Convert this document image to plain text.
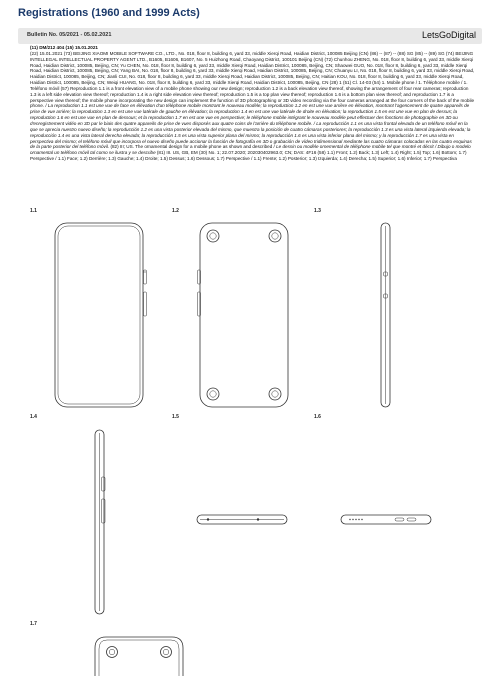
Registrations (1960 and 1999 Acts)
Bulletin No. 05/2021 - 05.02.2021	LetsGoDigital

(11) DM/212 404 (15) 15.01.2021

(22) 15.01.2021 (73) BEIJING XIAOMI MOBILE SOFTWARE CO., LTD., No. 018, floor 8, building 6, yard 33, middle Xierqi Road, Haidian District, 100085 Beijing (CN) (86) -- (87) -- (88) SG (85) -- (89) SG (74) BEIJING INTELLEGAL INTELLECTUAL PROPERTY AGENT LTD., B1605, B1606, B1607, No. 5 Huizhong Road, Chaoyang District, 100101 Beijing (CN) (72) Chunhou ZHENG, No. 018, floor 8, building 6, yard 33, middle Xierqi Road, Haidian District, 100085, Beijing, CN; Yu CHEN, No. 018, floor 8, building 6, yard 33, middle Xierqi Road, Haidian District, 100085, Beijing, CN; Shaowei GUO, No. 018, floor 8, building 6, yard 33, middle Xierqi Road, Haidian District, 100085, Beijing, CN; Yang BAI, No. 018, floor 8, building 6, yard 33, middle Xierqi Road, Haidian District, 100085, Beijing, CN; Chuanyu LI, No. 018, floor 8, building 6, yard 33, middle Xierqi Road, Haidian District, 100085, Beijing, CN; Jianli CUI, No. 018, floor 8, building 6, yard 33, middle Xierqi Road, Haidian District, 100085, Beijing, CN; Haitian KOU, No. 018, floor 8, building 6, yard 33, middle Xierqi Road, Haidian District, 100085, Beijing, CN; Weiqi HUANG, No. 018, floor 8, building 6, yard 33, middle Xierqi Road, Haidian District, 100085, Beijing, CN (28) 1 (51) Cl. 14-03 (54) 1. Mobile phone / 1. Téléphone mobile / 1. Teléfono móvil (57) Reproduction 1.1 is a front elevation view of a mobile phone showing our new design; reproduction 1.2 is a back elevation view thereof, showing the arrangement of four rear cameras; reproduction 1.3 is a left side elevation view thereof; reproduction 1.4 is a right side elevation view thereof; reproduction 1.5 is a top plan view thereof; reproduction 1.6 is a bottom plan view thereof; and reproduction 1.7 is a perspective view thereof; the mobile phone incorporating the new design can implement the function of 3D photographing or 3D video recording via the four cameras arranged at the four corners of the back of the mobile phone. / La reproduction 1.1 est une vue de face en élévation d'un téléphone mobile montrant le nouveau modèle; la reproduction 1.2 en est une vue arrière en élévation, montrant l'agencement de quatre appareils de prise de vue arrière; la reproduction 1.3 en est une vue latérale de gauche en élévation; la reproduction 1.4 en est une vue latérale de droite en élévation; la reproduction 1.5 en est une vue en plan de dessus; la reproduction 1.6 en est une vue en plan de dessous; et la reproduction 1.7 en est une vue en perspective; le téléphone mobile intégrant le nouveau modèle peut effectuer des fonctions de photographie en 3D ou d'enregistrement vidéo en 3D par le biais des quatre appareils de prise de vues disposés aux quatre coins de l'arrière du téléphone mobile. / La reproducción 1.1 es una vista frontal elevada de un teléfono móvil en la que se aprecia nuestro nuevo diseño; la reproducción 1.2 es una vista posterior elevada del mismo, que muestra la posición de cuatro cámaras posteriores; la reproducción 1.3 es una vista lateral izquierda elevada; la reproducción 1.4 es una vista lateral derecha elevada; la reproducción 1.5 es una vista superior plana del mismo; la reproducción 1.6 es una vista inferior plana del mismo; y la reproducción 1.7 es una vista en perspectiva del mismo; el teléfono móvil que incorpora el nuevo diseño puede accionar la función de fotografía en 3D o grabación de vídeo tridimensional mediante las cuatro cámaras colocadas en las cuatro esquinas de la parte posterior del teléfono móvil. (82) III; US. The ornamental design for a mobile phone as shown and described / Le dessin ou modèle ornemental de téléphone mobile tel que montré et décrit / Dibujo o modelo ornamental un teléfono móvil tal como se ilustra y se describe (81) III. US, GB, EM (30) No. 1; 22.07.2020; 202030402963.0; CN; DAS: 4F16 (58) 1.1) Front; 1.2) Back; 1.3) Left; 1.4) Right; 1.5) Top; 1.6) Bottom; 1.7) Perspective / 1.1) Face; 1.2) Derrière; 1.3) Gauche; 1.4) Droite; 1.5) Dessus; 1.6) Dessous; 1.7) Perspective / 1.1) Frente; 1.2) Posterior; 1.3) Izquierda; 1.4) Derecha; 1.5) Superior; 1.6) Inferior; 1.7) Perspectiva

1.1	1.2	1.3
1.4	1.5	1.6
1.7
